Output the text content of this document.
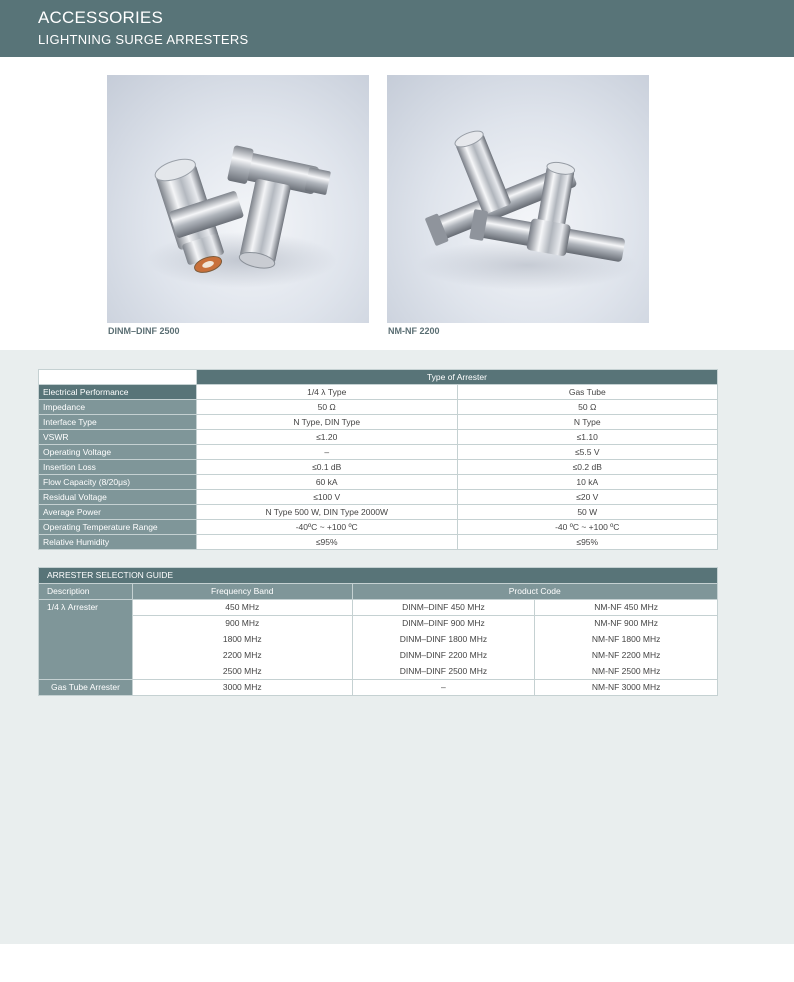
ACCESSORIES
LIGHTNING SURGE ARRESTERS
DINM–DINF 2500	NM-NF 2200
	Type of Arrester	
Electrical Performance	1/4 λ Type	Gas Tube
Impedance	50 Ω	50 Ω
Interface Type	N Type, DIN Type	N Type
VSWR	≤1.20	≤1.10
Operating Voltage	–	≤5.5 V
Insertion Loss	≤0.1 dB	≤0.2 dB
Flow Capacity (8/20μs)	60 kA	10 kA
Residual Voltage	≤100 V	≤20 V
Average Power	N Type 500 W, DIN Type 2000W	50 W
Operating Temperature Range	-40ºC ~ +100 ºC	-40 ºC ~ +100 ºC
Relative Humidity	≤95%	≤95%
ARRESTER SELECTION GUIDE			
Description	Frequency Band	Product Code	
1/4 λ Arrester	450 MHz	DINM–DINF 450 MHz	NM-NF 450 MHz
	900 MHz	DINM–DINF 900 MHz	NM-NF 900 MHz
	1800 MHz	DINM–DINF 1800 MHz	NM-NF 1800 MHz
	2200 MHz	DINM–DINF 2200 MHz	NM-NF 2200 MHz
	2500 MHz	DINM–DINF 2500 MHz	NM-NF 2500 MHz
Gas Tube Arrester	3000 MHz	–	NM-NF 3000 MHz
